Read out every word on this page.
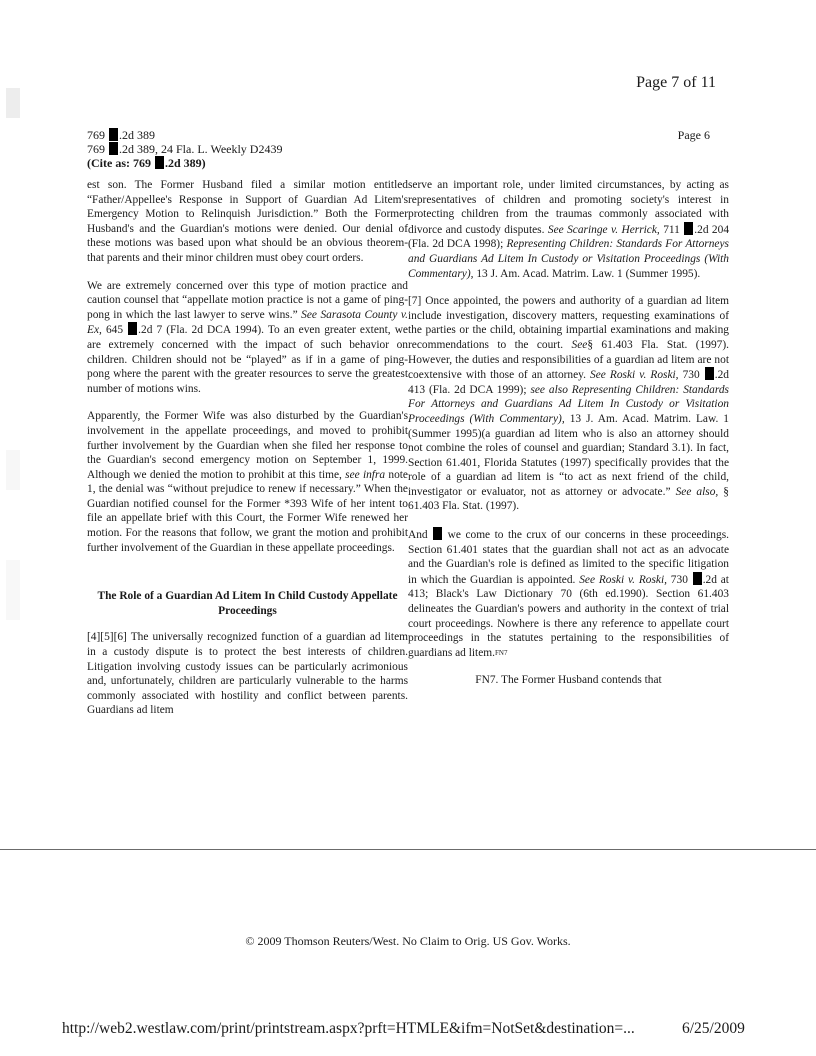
Page 7 of 11
769 .2d 389
769 .2d 389, 24 Fla. L. Weekly D2439
(Cite as: 769 .2d 389)
Page 6

est son. The Former Husband filed a similar motion entitled “Father/Appellee's Response in Support of Guardian Ad Litem's Emergency Motion to Relinquish Jurisdiction.” Both the Former Husband's and the Guardian's motions were denied. Our denial of these motions was based upon what should be an obvious theorem-that parents and their minor children must obey court orders.

We are extremely concerned over this type of motion practice and caution counsel that “appellate motion practice is not a game of ping-pong in which the last lawyer to serve wins.” See Sarasota County v. Ex, 645 .2d 7 (Fla. 2d DCA 1994). To an even greater extent, we are extremely concerned with the impact of such behavior on children. Children should not be “played” as if in a game of ping-pong where the parent with the greater resources to serve the greatest number of motions wins.

Apparently, the Former Wife was also disturbed by the Guardian's involvement in the appellate proceedings, and moved to prohibit further involvement by the Guardian when she filed her response to the Guardian's second emergency motion on September 1, 1999. Although we denied the motion to prohibit at this time, see infra note 1, the denial was “without prejudice to renew if necessary.” When the Guardian notified counsel for the Former *393 Wife of her intent to file an appellate brief with this Court, the Former Wife renewed her motion. For the reasons that follow, we grant the motion and prohibit further involvement of the Guardian in these appellate proceedings.

The Role of a Guardian Ad Litem In Child Custody Appellate Proceedings

[4][5][6] The universally recognized function of a guardian ad litem in a custody dispute is to protect the best interests of children. Litigation involving custody issues can be particularly acrimonious and, unfortunately, children are particularly vulnerable to the harms commonly associated with hostility and conflict between parents. Guardians ad litem

serve an important role, under limited circumstances, by acting as representatives of children and promoting society's interest in protecting children from the traumas commonly associated with divorce and custody disputes. See Scaringe v. Herrick, 711 .2d 204 (Fla. 2d DCA 1998); Representing Children: Standards For Attorneys and Guardians Ad Litem In Custody or Visitation Proceedings (With Commentary), 13 J. Am. Acad. Matrim. Law. 1 (Summer 1995).

[7] Once appointed, the powers and authority of a guardian ad litem include investigation, discovery matters, requesting examinations of the parties or the child, obtaining impartial examinations and making recommendations to the court. See§ 61.403 Fla. Stat. (1997). However, the duties and responsibilities of a guardian ad litem are not coextensive with those of an attorney. See Roski v. Roski, 730 .2d 413 (Fla. 2d DCA 1999); see also Representing Children: Standards For Attorneys and Guardians Ad Litem In Custody or Visitation Proceedings (With Commentary), 13 J. Am. Acad. Matrim. Law. 1 (Summer 1995)(a guardian ad litem who is also an attorney should not combine the roles of counsel and guardian; Standard 3.1). In fact, Section 61.401, Florida Statutes (1997) specifically provides that the role of a guardian ad litem is “to act as next friend of the child, investigator or evaluator, not as attorney or advocate.” See also, § 61.403 Fla. Stat. (1997).

And we come to the crux of our concerns in these proceedings. Section 61.401 states that the guardian shall not act as an advocate and the Guardian's role is defined as limited to the specific litigation in which the Guardian is appointed. See Roski v. Roski, 730 .2d at 413; Black's Law Dictionary 70 (6th ed.1990). Section 61.403 delineates the Guardian's powers and authority in the context of trial court proceedings. Nowhere is there any reference to appellate court proceedings in the statutes pertaining to the responsibilities of guardians ad litem.$^{FN7}$

FN7. The Former Husband contends that
© 2009 Thomson Reuters/West. No Claim to Orig. US Gov. Works.
http://web2.westlaw.com/print/printstream.aspx?prft=HTMLE&ifm=NotSet&destination=...	6/25/2009
